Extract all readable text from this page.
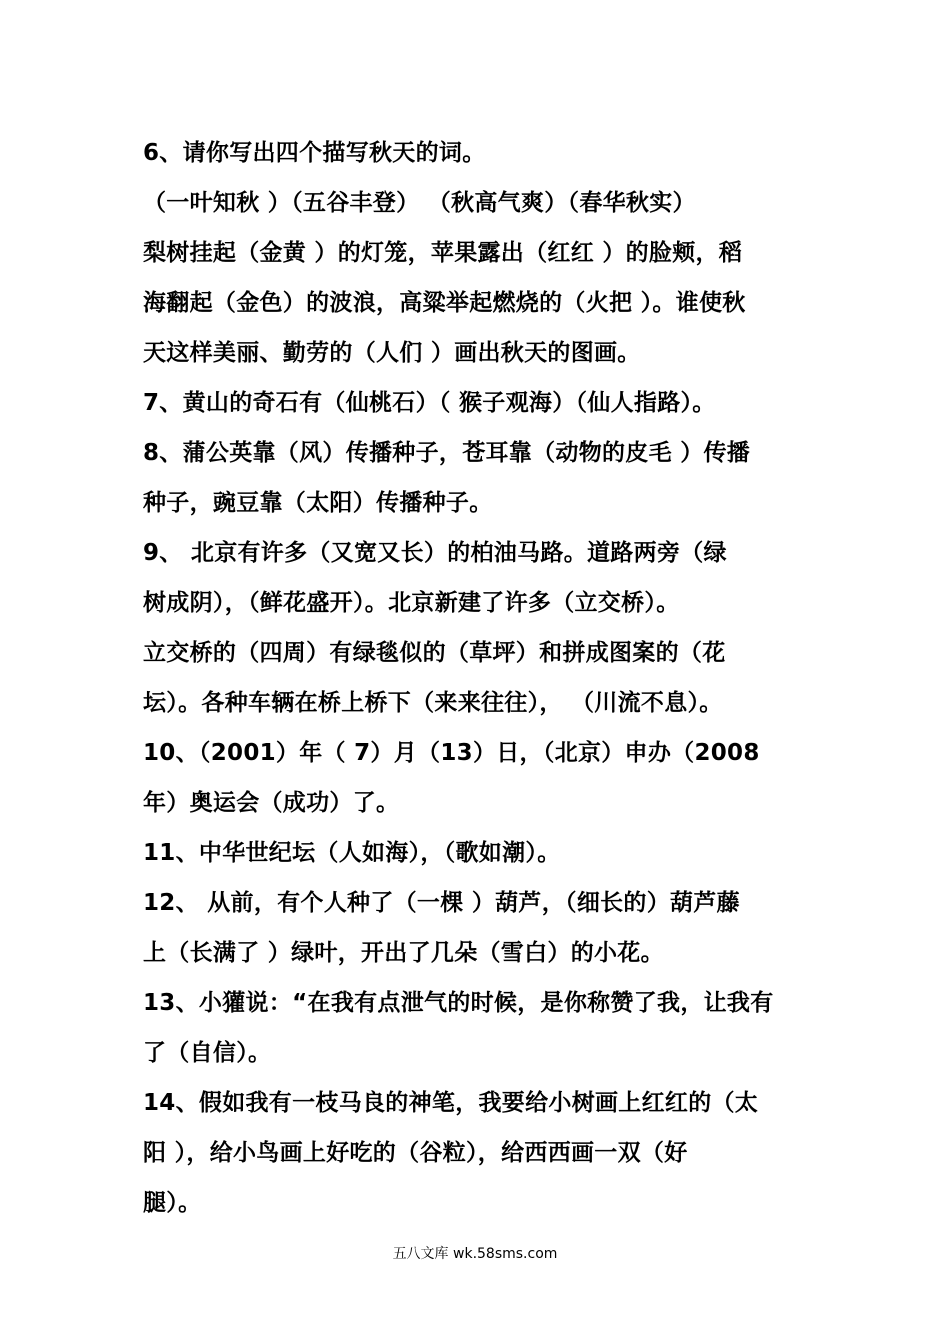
6、请你写出四个描写秋天的词。
（一叶知秋 ）（五谷丰登） （秋高气爽）（春华秋实）
梨树挂起（金黄 ）的灯笼，苹果露出（红红 ）的脸颊，稻
海翻起（金色）的波浪，高粱举起燃烧的（火把 ）。谁使秋
天这样美丽、勤劳的（人们 ）画出秋天的图画。
7、黄山的奇石有（仙桃石）（ 猴子观海）（仙人指路）。
8、蒲公英靠（风）传播种子，苍耳靠（动物的皮毛 ）传播
种子，豌豆靠（太阳）传播种子。
9、 北京有许多（又宽又长）的柏油马路。道路两旁（绿
树成阴），（鲜花盛开）。北京新建了许多（立交桥）。
立交桥的（四周）有绿毯似的（草坪）和拼成图案的（花
坛）。各种车辆在桥上桥下（来来往往）， （川流不息）。
10、（2001）年（ 7）月（13）日，（北京）申办（2008
年）奥运会（成功）了。
11、中华世纪坛（人如海），（歌如潮）。
12、 从前，有个人种了（一棵 ）葫芦，（细长的）葫芦藤
上（长满了 ）绿叶，开出了几朵（雪白）的小花。
13、小獾说：“在我有点泄气的时候，是你称赞了我，让我有
了（自信）。
14、假如我有一枝马良的神笔，我要给小树画上红红的（太
阳 ），给小鸟画上好吃的（谷粒），给西西画一双（好
腿）。
五八文库 wk.58sms.com
